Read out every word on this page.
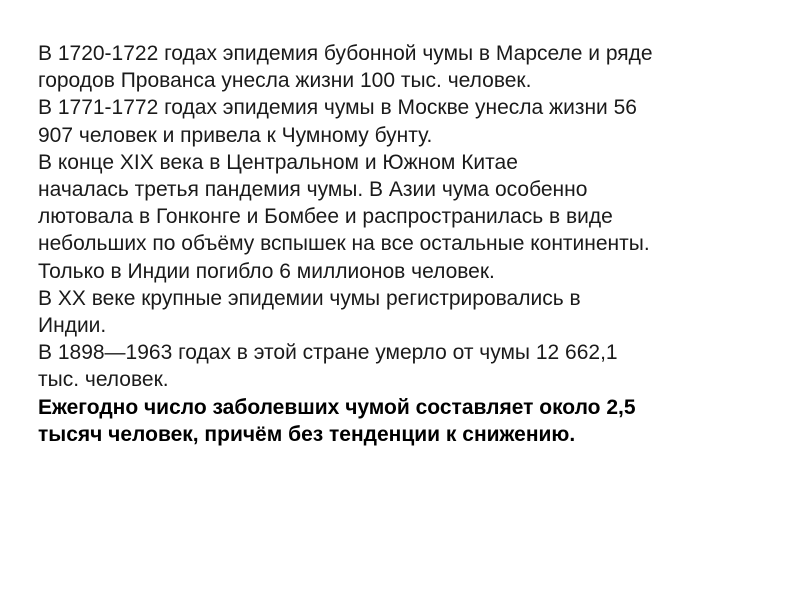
В 1720-1722 годах эпидемия бубонной чумы в Марселе и ряде
городов Прованса унесла жизни 100 тыс. человек.
В 1771-1772 годах эпидемия чумы в Москве унесла жизни 56
907 человек и привела к Чумному бунту.
В конце XIX века в Центральном и Южном Китае
началась третья пандемия чумы. В Азии чума особенно
лютовала в Гонконге и Бомбее и распространилась в виде
небольших по объёму вспышек на все остальные континенты.
Только в Индии погибло 6 миллионов человек.
В XX веке крупные эпидемии чумы регистрировались в
Индии.
В 1898—1963 годах в этой стране умерло от чумы 12 662,1
тыс. человек.
Ежегодно число заболевших чумой составляет около 2,5
тысяч человек, причём без тенденции к снижению.
